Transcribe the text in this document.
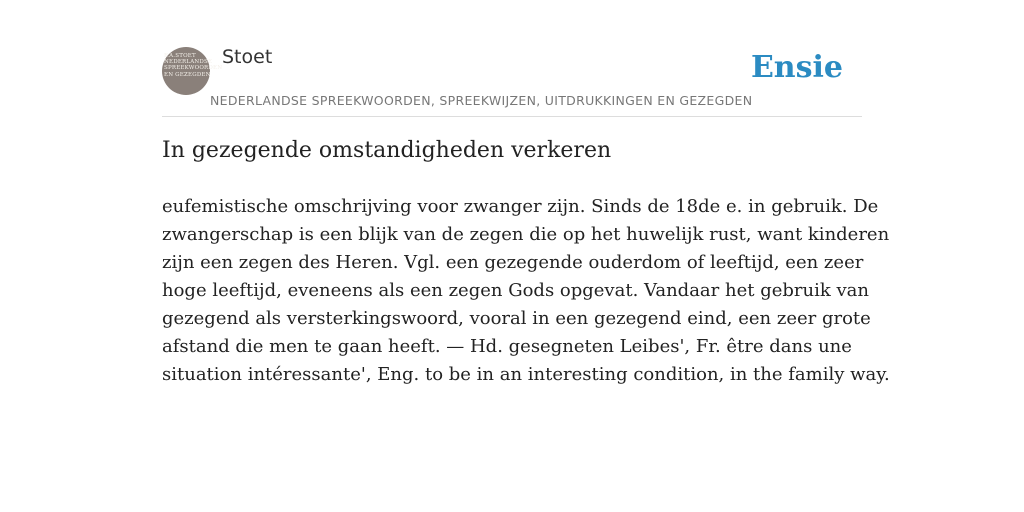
F.A.STOET NEDERLANDSE SPREEKWOORDEN EN GEZEGDEN
Stoet
NEDERLANDSE SPREEKWOORDEN, SPREEKWIJZEN, UITDRUKKINGEN EN GEZEGDEN
Ensie
In gezegende omstandigheden verkeren

eufemistische omschrijving voor zwanger zijn. Sinds de 18de e. in gebruik. De
zwangerschap is een blijk van de zegen die op het huwelijk rust, want kinderen
zijn een zegen des Heren. Vgl. een gezegende ouderdom of leeftijd, een zeer
hoge leeftijd, eveneens als een zegen Gods opgevat. Vandaar het gebruik van
gezegend als versterkingswoord, vooral in een gezegend eind, een zeer grote
afstand die men te gaan heeft. — Hd. gesegneten Leibes', Fr. être dans une
situation intéressante', Eng. to be in an interesting condition, in the family way.
